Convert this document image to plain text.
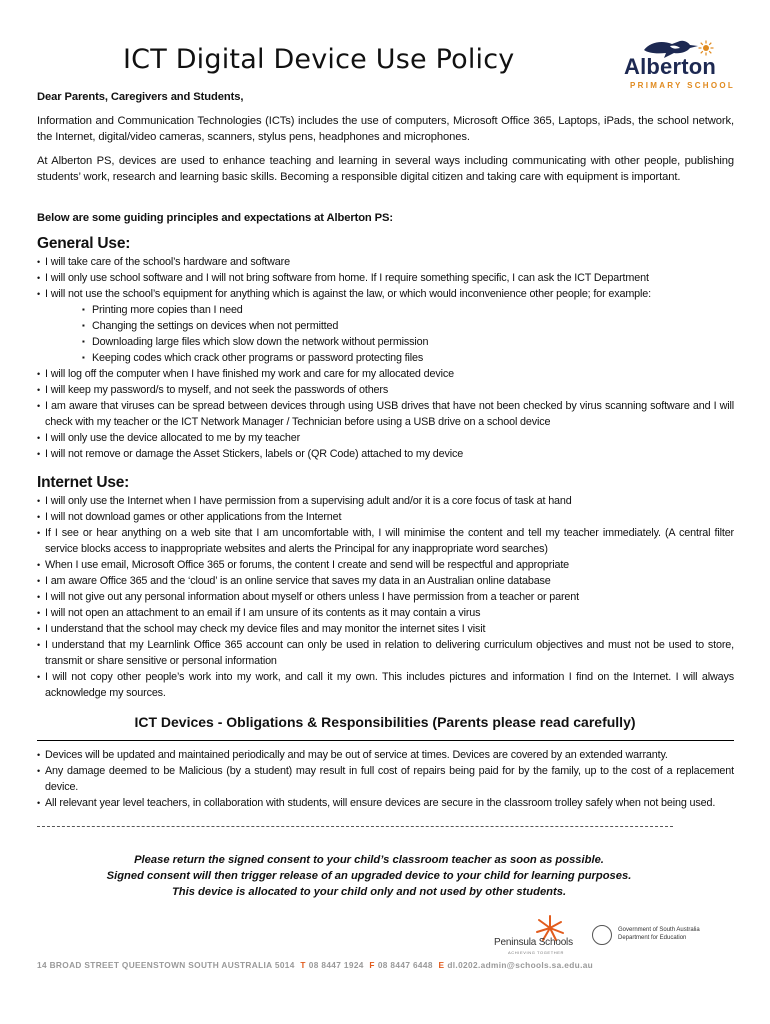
ICT Digital Device Use Policy	Alberton
PRIMARY SCHOOL

Dear Parents, Caregivers and Students,

Information and Communication Technologies (ICTs) includes the use of computers, Microsoft Office 365, Laptops, iPads, the school network, the Internet, digital/video cameras, scanners, stylus pens, headphones and microphones.

At Alberton PS, devices are used to enhance teaching and learning in several ways including communicating with other people, publishing students’ work, research and learning basic skills. Becoming a responsible digital citizen and taking care with equipment is important.

Below are some guiding principles and expectations at Alberton PS:

General Use:
• I will take care of the school’s hardware and software
• I will only use school software and I will not bring software from home. If I require something specific, I can ask the ICT Department
• I will not use the school’s equipment for anything which is against the law, or which would inconvenience other people; for example:
▪ Printing more copies than I need
▪ Changing the settings on devices when not permitted
▪ Downloading large files which slow down the network without permission
▪ Keeping codes which crack other programs or password protecting files
• I will log off the computer when I have finished my work and care for my allocated device
• I will keep my password/s to myself, and not seek the passwords of others
• I am aware that viruses can be spread between devices through using USB drives that have not been checked by virus scanning software and I will check with my teacher or the ICT Network Manager / Technician before using a USB drive on a school device
• I will only use the device allocated to me by my teacher
• I will not remove or damage the Asset Stickers, labels or (QR Code) attached to my device
Internet Use:
• I will only use the Internet when I have permission from a supervising adult and/or it is a core focus of task at hand
• I will not download games or other applications from the Internet
• If I see or hear anything on a web site that I am uncomfortable with, I will minimise the content and tell my teacher immediately. (A central filter service blocks access to inappropriate websites and alerts the Principal for any inappropriate word searches)
• When I use email, Microsoft Office 365 or forums, the content I create and send will be respectful and appropriate
• I am aware Office 365 and the ‘cloud’ is an online service that saves my data in an Australian online database
• I will not give out any personal information about myself or others unless I have permission from a teacher or parent
• I will not open an attachment to an email if I am unsure of its contents as it may contain a virus
• I understand that the school may check my device files and may monitor the internet sites I visit
• I understand that my Learnlink Office 365 account can only be used in relation to delivering curriculum objectives and must not be used to store, transmit or share sensitive or personal information
• I will not copy other people’s work into my work, and call it my own. This includes pictures and information I find on the Internet. I will always acknowledge my sources.
ICT Devices - Obligations & Responsibilities (Parents please read carefully)
• Devices will be updated and maintained periodically and may be out of service at times. Devices are covered by an extended warranty.
• Any damage deemed to be Malicious (by a student) may result in full cost of repairs being paid for by the family, up to the cost of a replacement device.
• All relevant year level teachers, in collaboration with students, will ensure devices are secure in the classroom trolley safely when not being used.
Please return the signed consent to your child’s classroom teacher as soon as possible.
Signed consent will then trigger release of an upgraded device to your child for learning purposes.
This device is allocated to your child only and not used by other students.
Peninsula Schools
ACHIEVING TOGETHER
Government of South Australia
Department for Education
14 BROAD STREET QUEENSTOWN SOUTH AUSTRALIA 5014 T 08 8447 1924 F 08 8447 6448 E dl.0202.admin@schools.sa.edu.au
